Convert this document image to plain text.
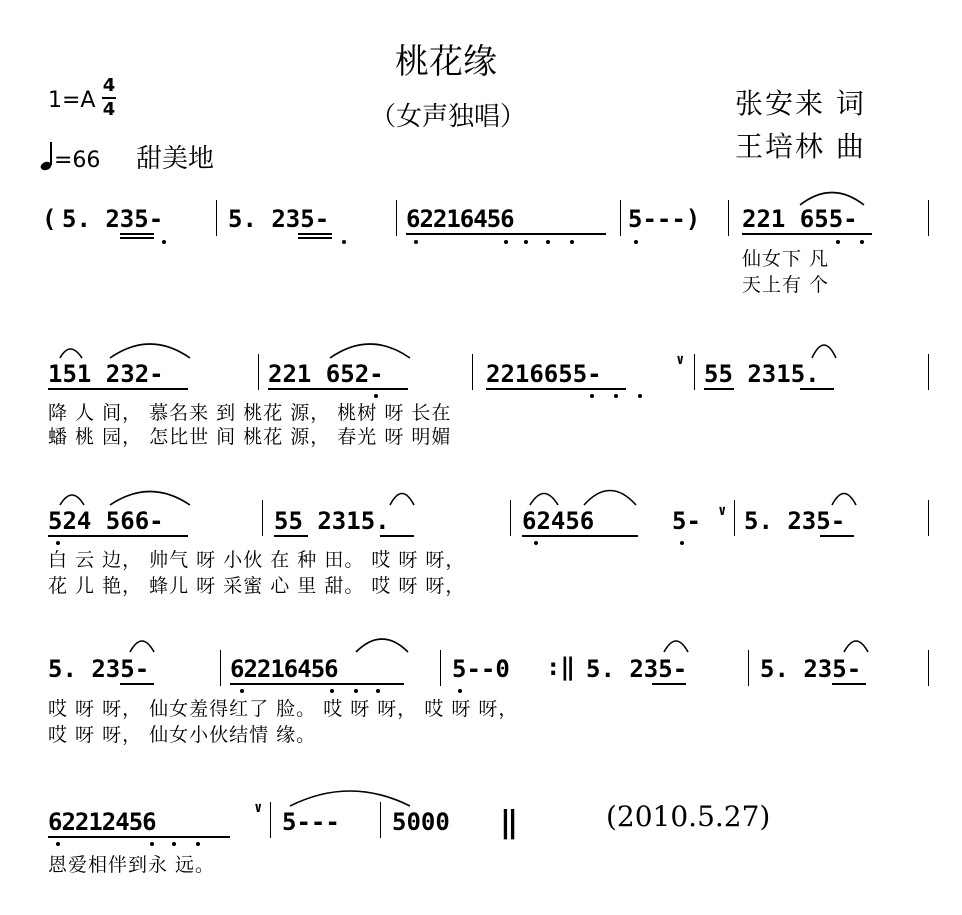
桃花缘
（女声独唱）
1=A
4
4
=66 甜美地
张安来 词
王培林 曲
( 5. 235-	5. 235-	62216456	5---) 221 655-
仙女下 凡
天上有 个
151 232-	221 652-	2216655-	∨ 55 2315.
降 人 间， 慕名来 到 桃花 源， 桃树 呀 长在
蟠 桃 园， 怎比世 间 桃花 源， 春光 呀 明媚
524 566-	55 2315.	62456	5- ∨ 5. 235-
白 云 边， 帅气 呀 小伙 在 种 田。 哎 呀 呀，
花 儿 艳， 蜂儿 呀 采蜜 心 里 甜。 哎 呀 呀，
5. 235-	62216456	5--0 :‖ 5. 235-	5. 235-
哎 呀 呀， 仙女羞得红了 脸。 哎 呀 呀， 哎 呀 呀，
哎 呀 呀， 仙女小伙结情 缘。
62212456	∨ 5--- 5000 ‖
恩爱相伴到永 远。
(2010.5.27)
